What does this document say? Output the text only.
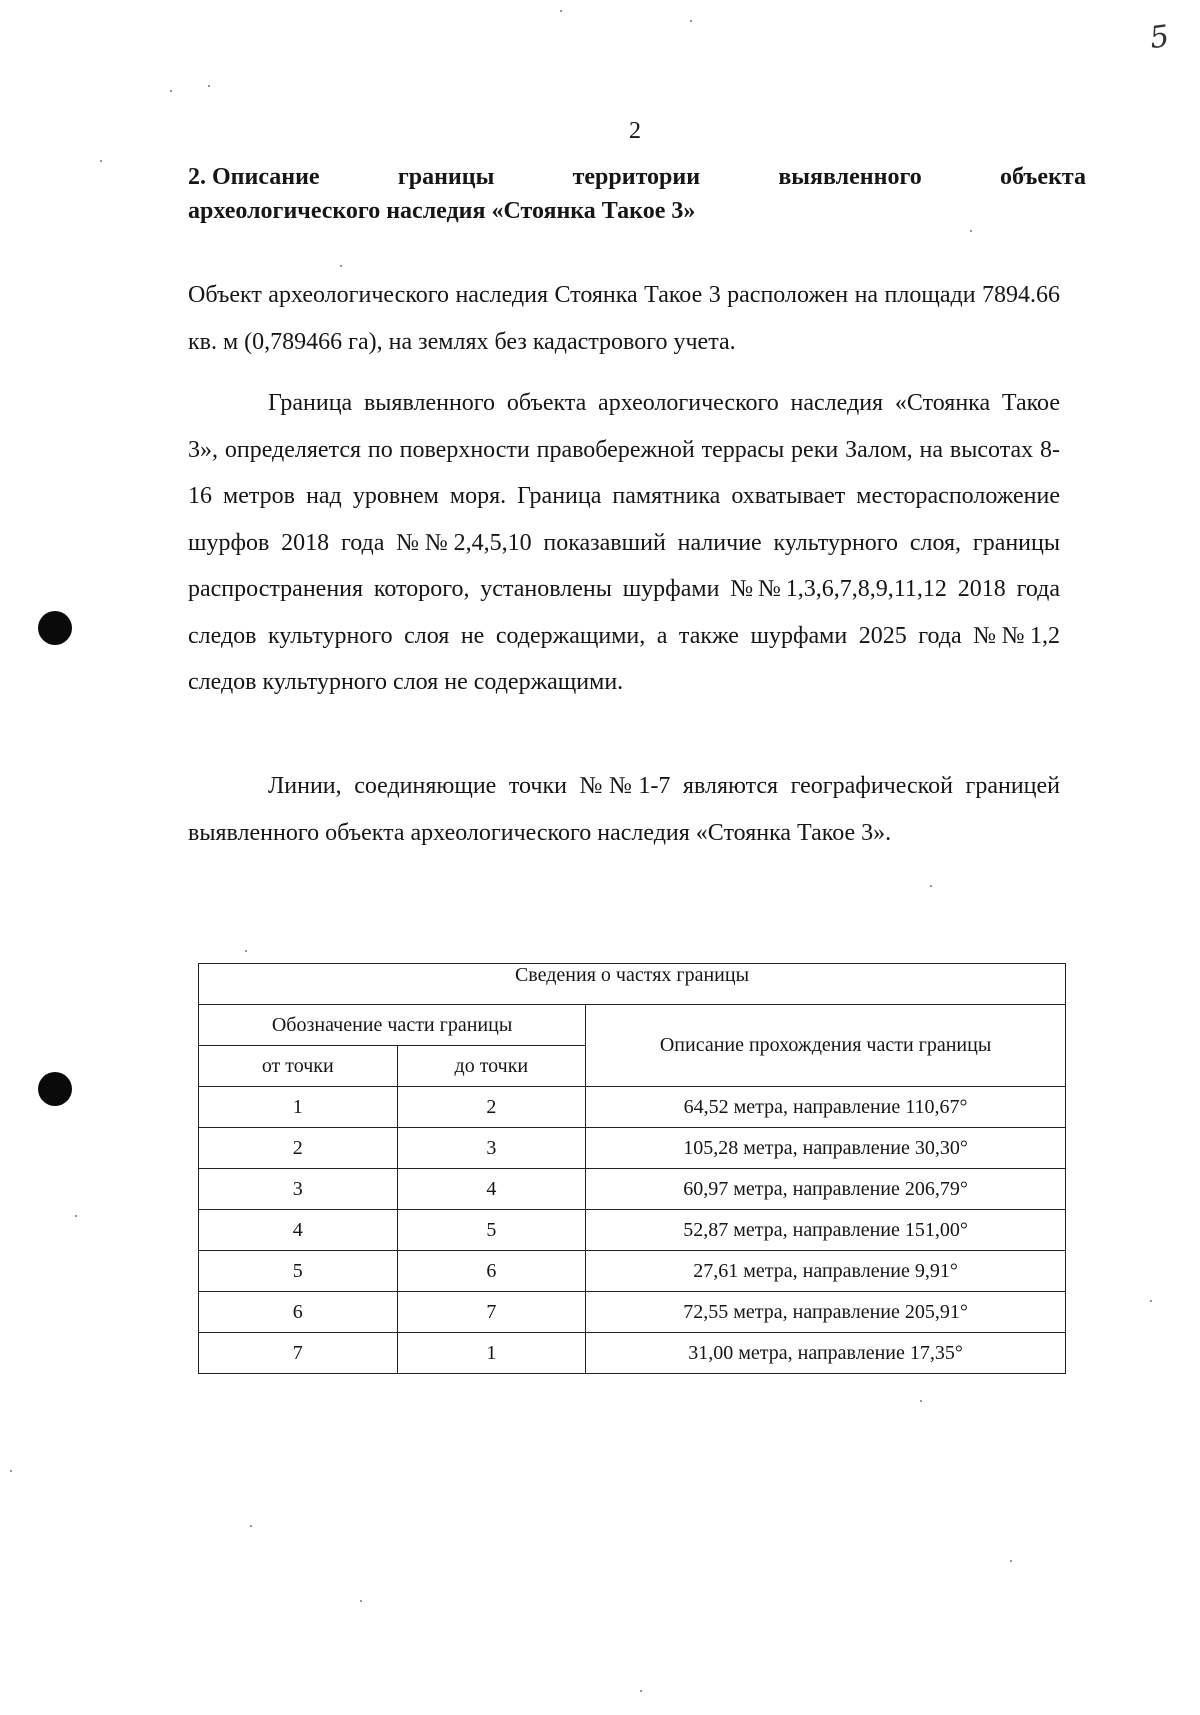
5
2
2. Описание	границы	территории	выявленного	объекта
археологического наследия «Стоянка Такое 3»
Объект археологического наследия Стоянка Такое 3 расположен на площади 7894.66 кв. м (0,789466 га), на землях без кадастрового учета.
Граница выявленного объекта археологического наследия «Стоянка Такое 3», определяется по поверхности правобережной террасы реки Залом, на высотах 8-16 метров над уровнем моря. Граница памятника охватывает месторасположение шурфов 2018 года №№2,4,5,10 показавший наличие культурного слоя, границы распространения которого, установлены шурфами №№1,3,6,7,8,9,11,12 2018 года следов культурного слоя не содержащими, а также шурфами 2025 года №№1,2 следов культурного слоя не содержащими.
Линии, соединяющие точки №№1-7 являются географической границей выявленного объекта археологического наследия «Стоянка Такое 3».
Сведения о частях границы		
Обозначение части границы		Описание прохождения части границы
от точки	до точки	
1	2	64,52 метра, направление 110,67°
2	3	105,28 метра, направление 30,30°
3	4	60,97 метра, направление 206,79°
4	5	52,87 метра, направление 151,00°
5	6	27,61 метра, направление 9,91°
6	7	72,55 метра, направление 205,91°
7	1	31,00 метра, направление 17,35°
